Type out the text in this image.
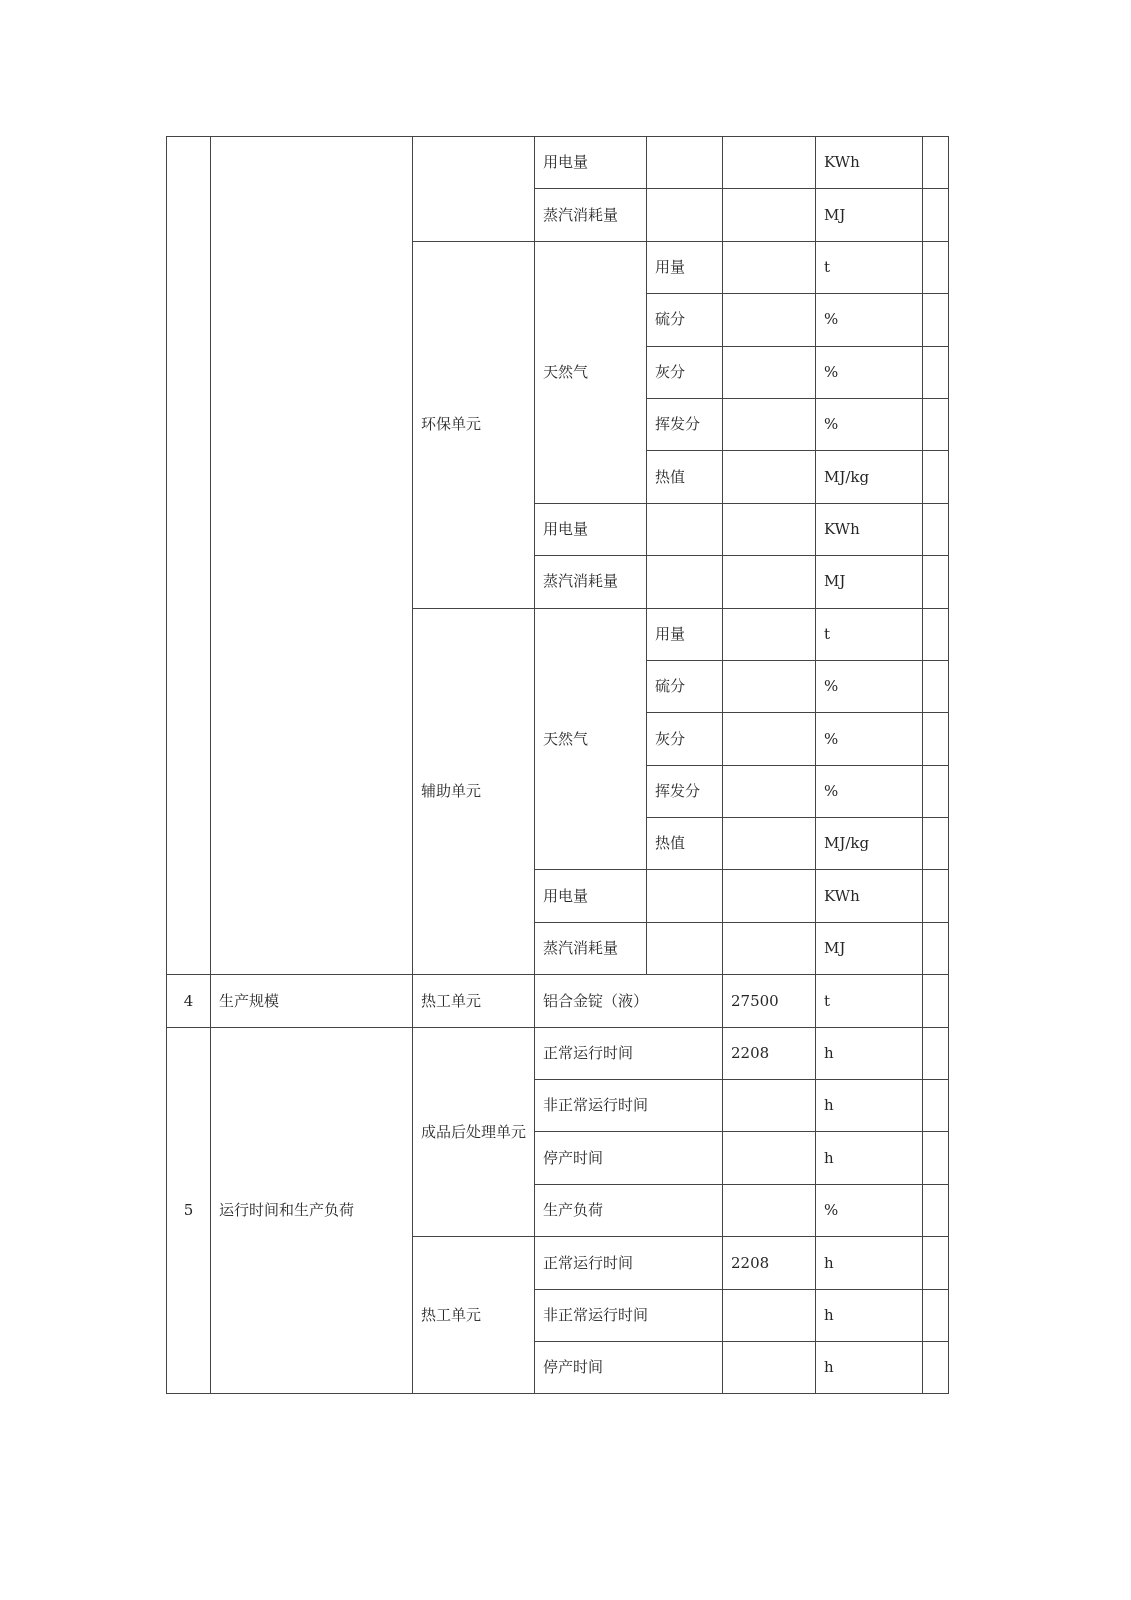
			用电量			KWh	
			蒸汽消耗量			MJ	
		环保单元	天然气	用量		t	
				硫分		%	
				灰分		%	
				挥发分		%	
				热值		MJ/kg	
			用电量			KWh	
			蒸汽消耗量			MJ	
		辅助单元	天然气	用量		t	
				硫分		%	
				灰分		%	
				挥发分		%	
				热值		MJ/kg	
			用电量			KWh	
			蒸汽消耗量			MJ	
4	生产规模	热工单元	铝合金锭（液）		27500	t	
5	运行时间和生产负荷	成品后处理单元	正常运行时间		2208	h	
			非正常运行时间			h	
			停产时间			h	
			生产负荷			%	
		热工单元	正常运行时间		2208	h	
			非正常运行时间			h	
			停产时间			h	
